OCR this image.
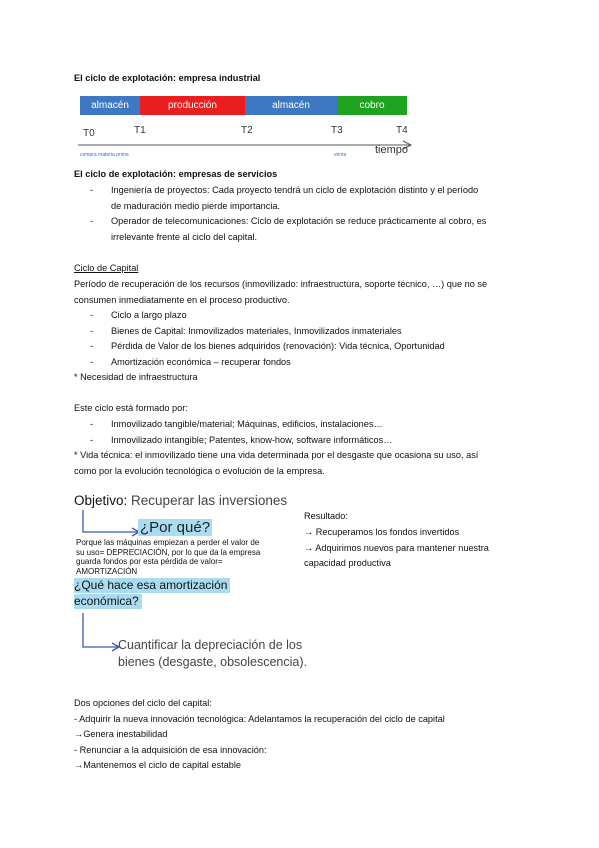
El ciclo de explotación: empresa industrial
almacén	producción	almacén	cobro
T0	T1	T2	T3	T4
tiempo
compra materia prima	venta
El ciclo de explotación: empresas de servicios
- Ingeniería de proyectos: Cada proyecto tendrá un ciclo de explotación distinto y el período
de maduración medio pierde importancia.
- Operador de telecomunicaciones: Ciclo de explotación se reduce prácticamente al cobro, es
irrelevante frente al ciclo del capital.
Ciclo de Capital
Período de recuperación de los recursos (inmovilizado: infraestructura, soporte técnico, …) que no se
consumen inmediatamente en el proceso productivo.
- Ciclo a largo plazo
- Bienes de Capital: Inmovilizados materiales, Inmovilizados inmateriales
- Pérdida de Valor de los bienes adquiridos (renovación): Vida técnica, Oportunidad
- Amortización económica – recuperar fondos
* Necesidad de infraestructura
Este ciclo está formado por:
- Inmovilizado tangible/material; Máquinas, edificios, instalaciones…
- Inmovilizado intangible; Patentes, know-how, software informáticos…
* Vida técnica: el inmovilizado tiene una vida determinada por el desgaste que ocasiona su uso, así
como por la evolución tecnológica o evolución de la empresa.
Objetivo: Recuperar las inversiones
¿Por qué?
Porque las máquinas empiezan a perder el valor de
su uso= DEPRECIACIÓN, por lo que da la empresa
guarda fondos por esta pérdida de valor=
AMORTIZACIÓN
¿Qué hace esa amortización
económica?
Cuantificar la depreciación de los
bienes (desgaste, obsolescencia).
Resultado:
→ Recuperamos los fondos invertidos
→ Adquirimos nuevos para mantener nuestra
capacidad productiva
Dos opciones del ciclo del capital:
- Adquirir la nueva innovación tecnológica: Adelantamos la recuperación del ciclo de capital
→Genera inestabilidad
- Renunciar a la adquisición de esa innovación:
→Mantenemos el ciclo de capital estable
